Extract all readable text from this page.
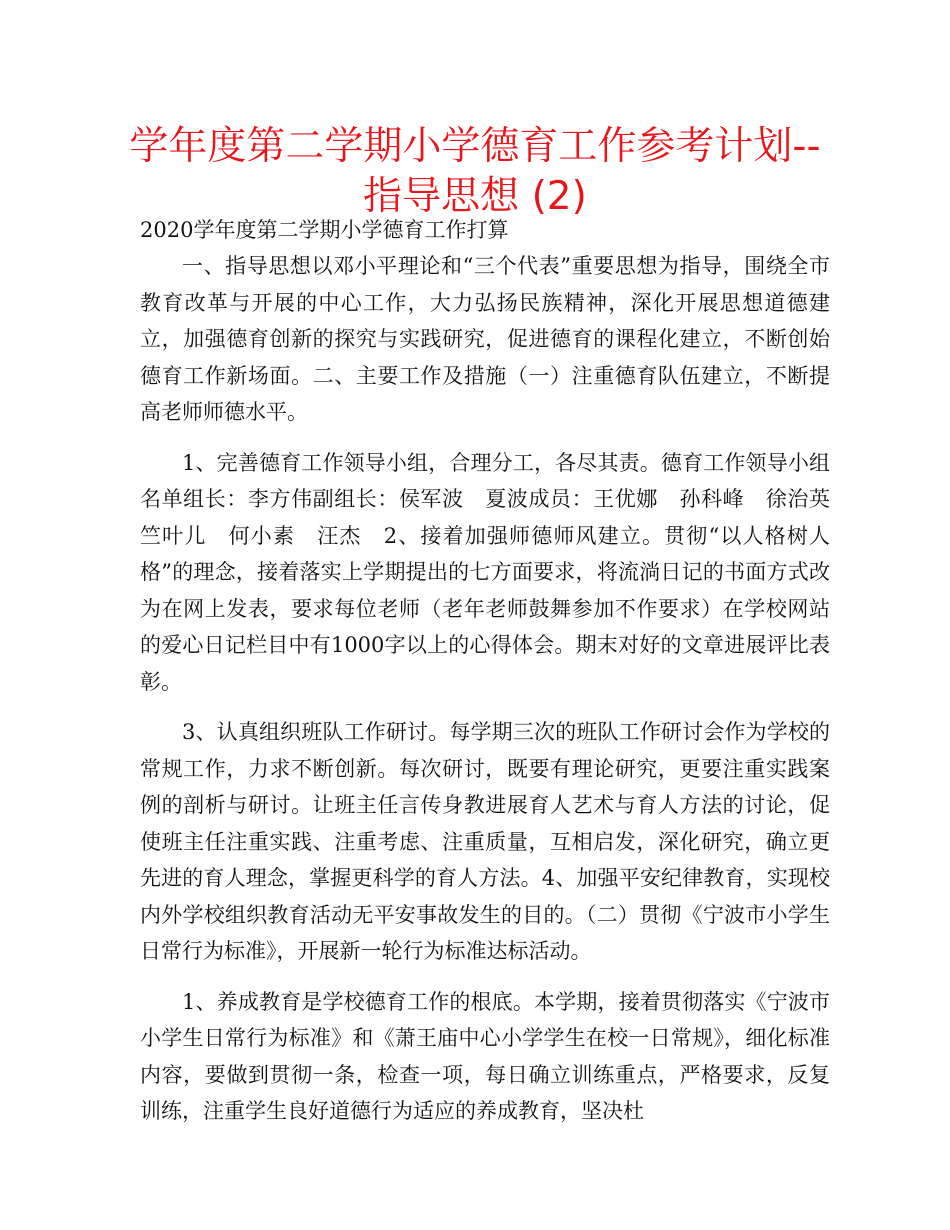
学年度第二学期小学德育工作参考计划--
指导思想 (2)
2020学年度第二学期小学德育工作打算

一、指导思想以邓小平理论和“三个代表”重要思想为指导，围绕全市教育改革与开展的中心工作，大力弘扬民族精神，深化开展思想道德建立，加强德育创新的探究与实践研究，促进德育的课程化建立，不断创始德育工作新场面。二、主要工作及措施（一）注重德育队伍建立，不断提高老师师德水平。

1、完善德育工作领导小组，合理分工，各尽其责。德育工作领导小组名单组长：李方伟副组长：侯军波　夏波成员：王优娜　孙科峰　徐治英　竺叶儿　何小素　汪杰　2、接着加强师德师风建立。贯彻“以人格树人格”的理念，接着落实上学期提出的七方面要求，将流淌日记的书面方式改为在网上发表，要求每位老师（老年老师鼓舞参加不作要求）在学校网站的爱心日记栏目中有1000字以上的心得体会。期末对好的文章进展评比表彰。

3、认真组织班队工作研讨。每学期三次的班队工作研讨会作为学校的常规工作，力求不断创新。每次研讨，既要有理论研究，更要注重实践案例的剖析与研讨。让班主任言传身教进展育人艺术与育人方法的讨论，促使班主任注重实践、注重考虑、注重质量，互相启发，深化研究，确立更先进的育人理念，掌握更科学的育人方法。4、加强平安纪律教育，实现校内外学校组织教育活动无平安事故发生的目的。（二）贯彻《宁波市小学生日常行为标准》，开展新一轮行为标准达标活动。

1、养成教育是学校德育工作的根底。本学期，接着贯彻落实《宁波市小学生日常行为标准》和《萧王庙中心小学学生在校一日常规》，细化标准内容，要做到贯彻一条，检查一项，每日确立训练重点，严格要求，反复训练，注重学生良好道德行为适应的养成教育，坚决杜
